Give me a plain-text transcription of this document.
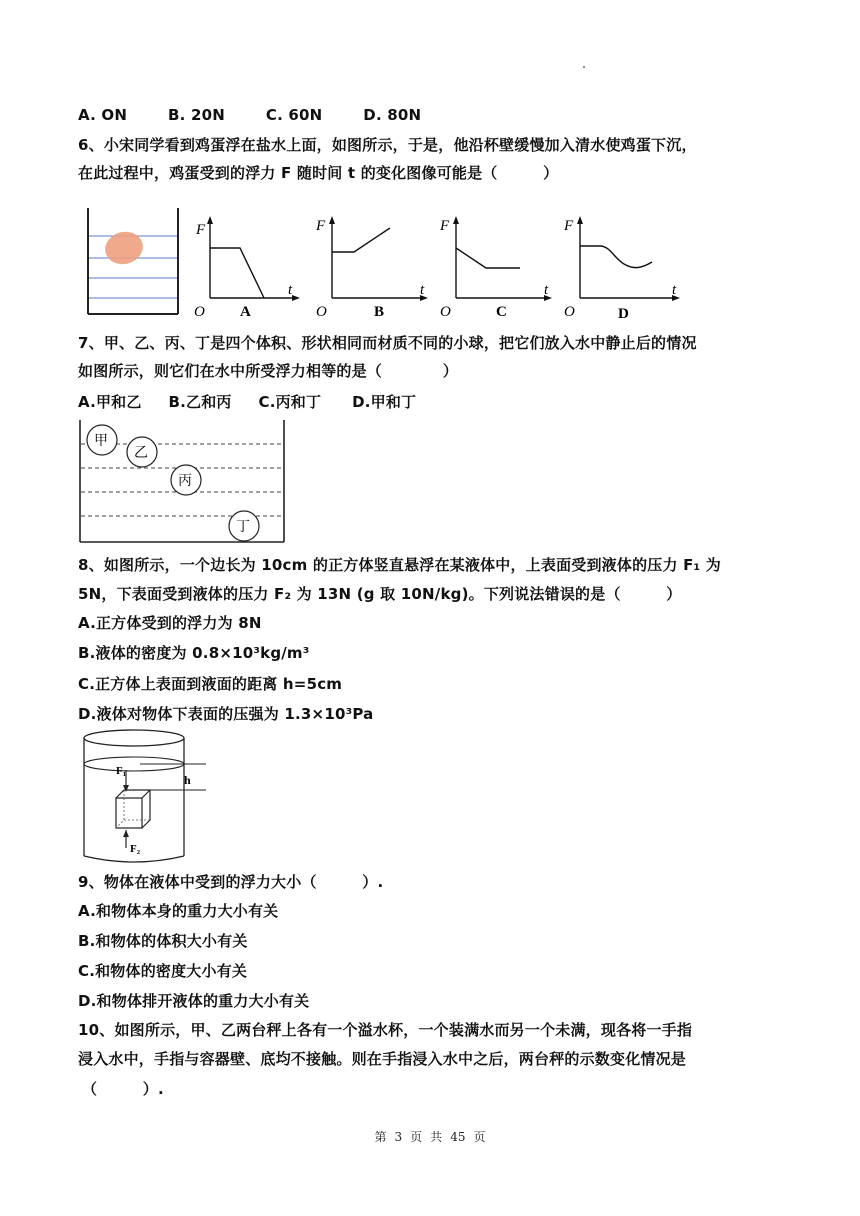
A. ON	B. 20N	C. 60N	D. 80N
6、小宋同学看到鸡蛋浮在盐水上面，如图所示，于是，他沿杯壁缓慢加入清水使鸡蛋下沉，
在此过程中，鸡蛋受到的浮力 F 随时间 t 的变化图像可能是（　　　）
F
t
O A
F
t
O	B
F
t
O	C
F
t
O	D
7、甲、乙、丙、丁是四个体积、形状相同而材质不同的小球，把它们放入水中静止后的情况
如图所示，则它们在水中所受浮力相等的是（　　　　）
A.甲和乙 B.乙和丙 C.丙和丁 D.甲和丁
甲
乙
丙
丁
8、如图所示，一个边长为 10cm 的正方体竖直悬浮在某液体中，上表面受到液体的压力 F₁ 为
5N，下表面受到液体的压力 F₂ 为 13N (g 取 10N/kg)。下列说法错误的是（　　　）
A.正方体受到的浮力为 8N
B.液体的密度为 0.8×10³kg/m³
C.正方体上表面到液面的距离 h=5cm
D.液体对物体下表面的压强为 1.3×10³Pa
h
F₁
F₂
9、物体在液体中受到的浮力大小（　　　）.
A.和物体本身的重力大小有关
B.和物体的体积大小有关
C.和物体的密度大小有关
D.和物体排开液体的重力大小有关
10、如图所示，甲、乙两台秤上各有一个溢水杯，一个装满水而另一个未满，现各将一手指
浸入水中，手指与容器壁、底均不接触。则在手指浸入水中之后，两台秤的示数变化情况是
（　　　）.
第 3 页 共 45 页
